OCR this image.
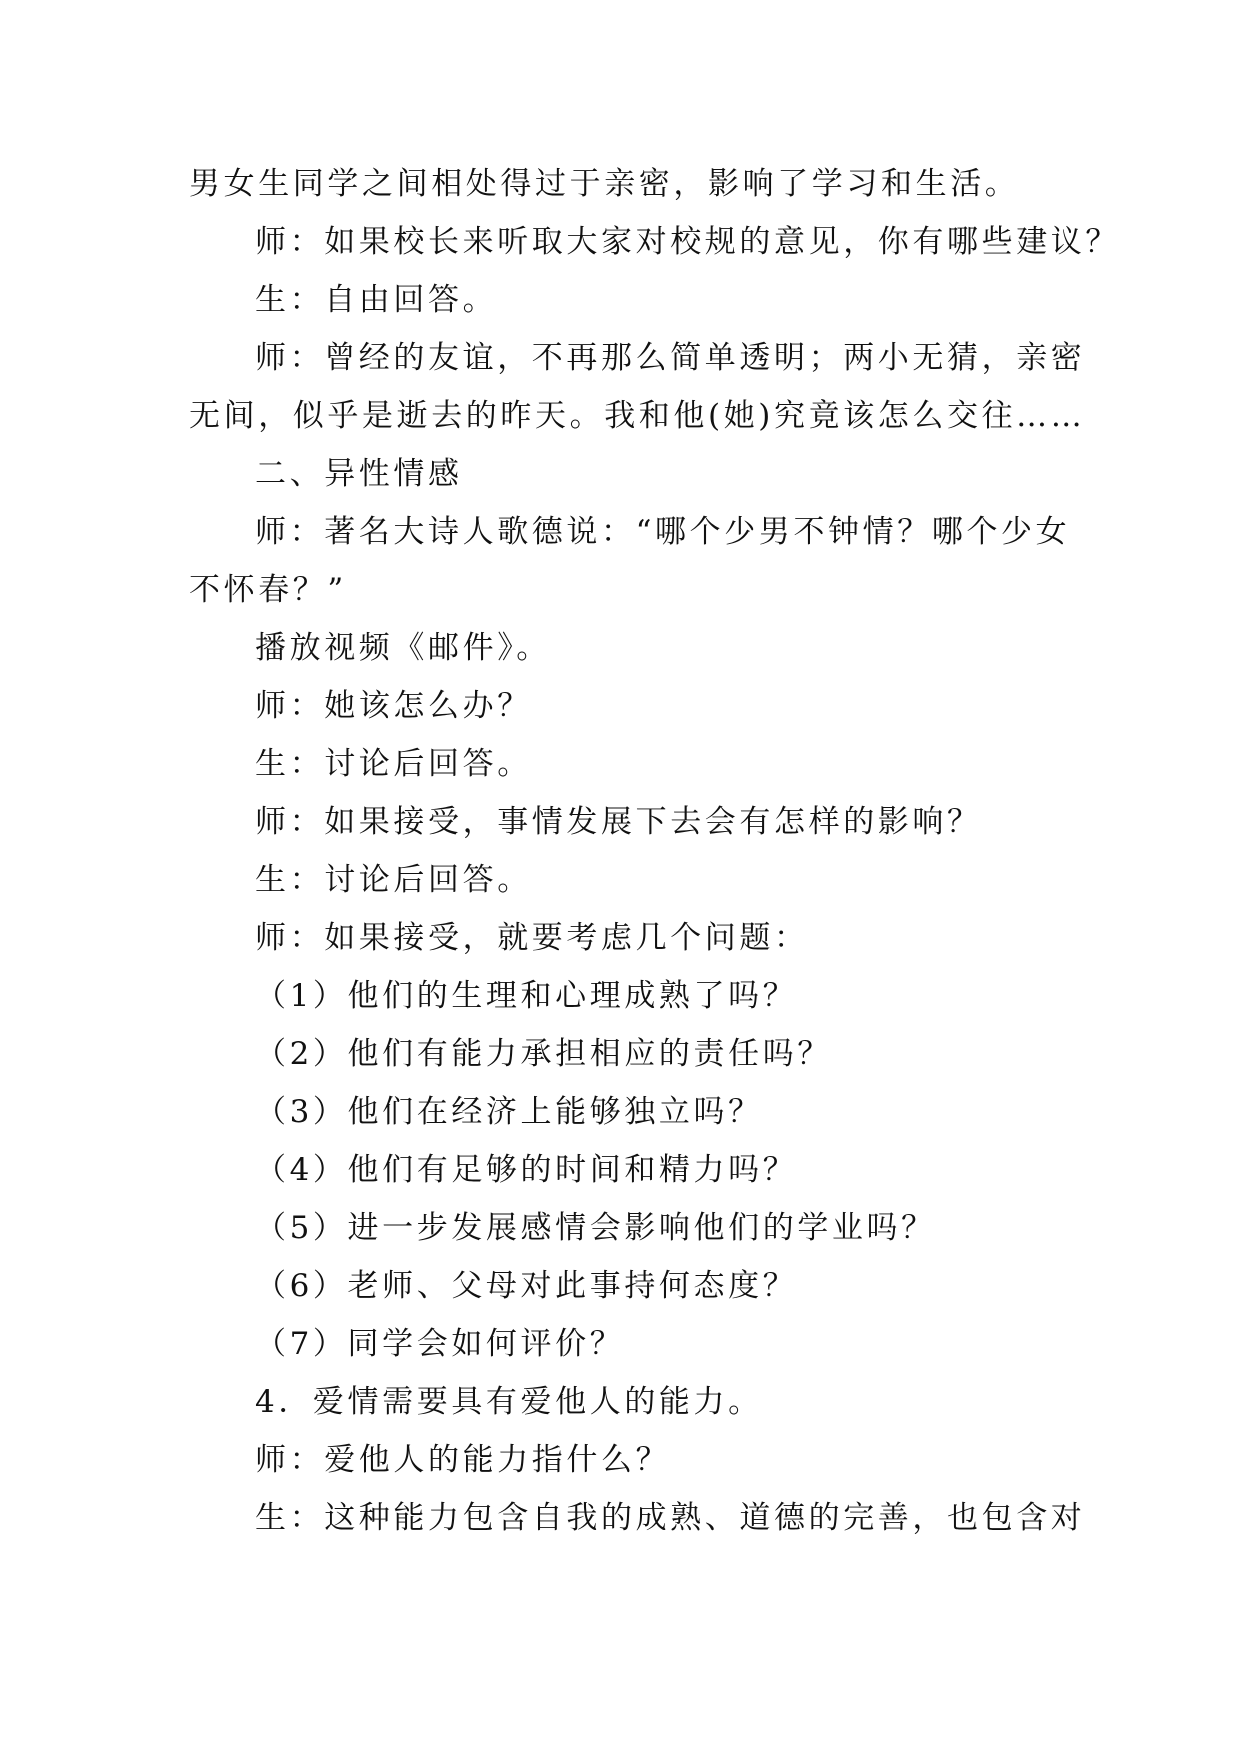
男女生同学之间相处得过于亲密，影响了学习和生活。
师：如果校长来听取大家对校规的意见，你有哪些建议？
生：自由回答。
师：曾经的友谊，不再那么简单透明；两小无猜，亲密
无间，似乎是逝去的昨天。我和他(她)究竟该怎么交往……
二、异性情感
师：著名大诗人歌德说：“哪个少男不钟情？哪个少女
不怀春？”
播放视频《邮件》。
师：她该怎么办？
生：讨论后回答。
师：如果接受，事情发展下去会有怎样的影响？
生：讨论后回答。
师：如果接受，就要考虑几个问题：
（1）他们的生理和心理成熟了吗？
（2）他们有能力承担相应的责任吗？
（3）他们在经济上能够独立吗？
（4）他们有足够的时间和精力吗？
（5）进一步发展感情会影响他们的学业吗？
（6）老师、父母对此事持何态度？
（7）同学会如何评价？
4．爱情需要具有爱他人的能力。
师：爱他人的能力指什么？
生：这种能力包含自我的成熟、道德的完善，也包含对
